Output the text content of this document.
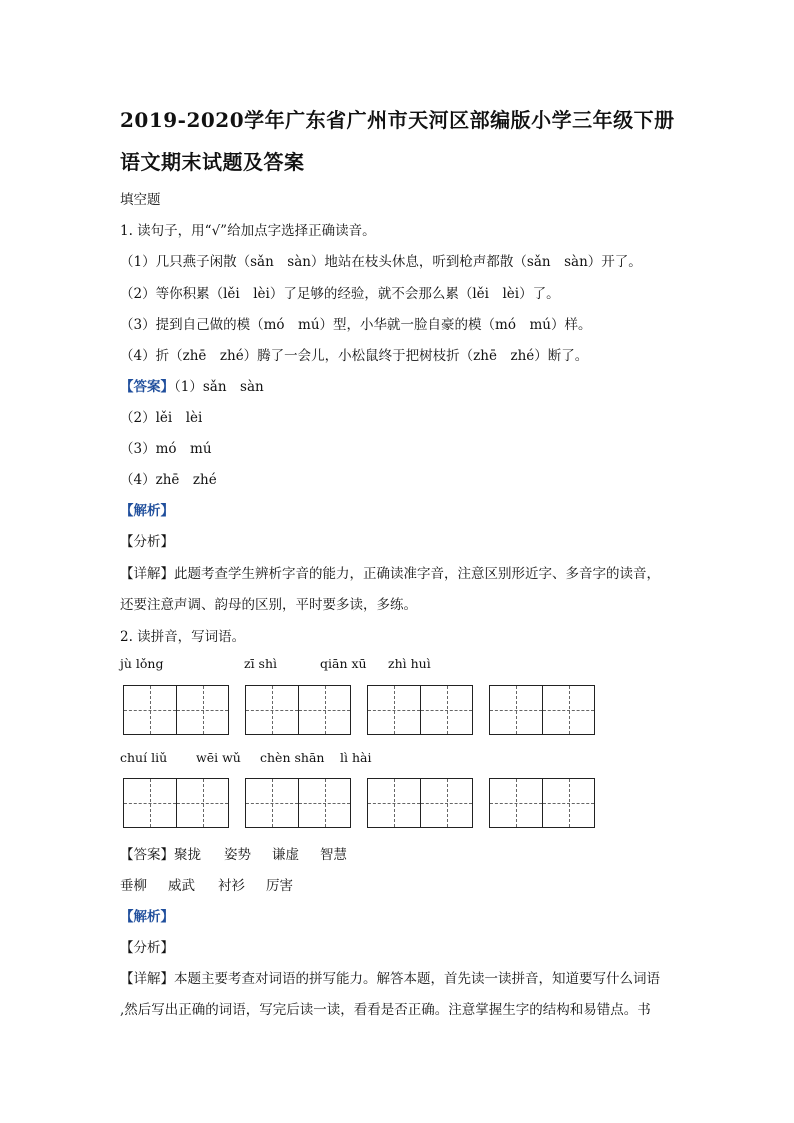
2019-2020学年广东省广州市天河区部编版小学三年级下册
语文期末试题及答案
填空题
1. 读句子，用“√”给加点字选择正确读音。
（1）几只燕子闲散（sǎn　sàn）地站在枝头休息，听到枪声都散（sǎn　sàn）开了。
（2）等你积累（lěi　lèi）了足够的经验，就不会那么累（lěi　lèi）了。
（3）提到自己做的模（mó　mú）型，小华就一脸自豪的模（mó　mú）样。
（4）折（zhē　zhé）腾了一会儿，小松鼠终于把树枝折（zhē　zhé）断了。
【答案】（1）sǎn　sàn
（2）lěi　lèi
（3）mó　mú
（4）zhē　zhé
【解析】
【分析】
【详解】此题考查学生辨析字音的能力，正确读准字音，注意区别形近字、多音字的读音，
还要注意声调、韵母的区别，平时要多读，多练。
2. 读拼音，写词语。
jù lǒng	zī shì	qiān xū zhì huì
chuí liǔ wēi wǔ chèn shān lì hài
【答案】聚拢 姿势 谦虚 智慧
垂柳 威武 衬衫 厉害
【解析】
【分析】
【详解】本题主要考查对词语的拼写能力。解答本题，首先读一读拼音，知道要写什么词语
,然后写出正确的词语，写完后读一读，看看是否正确。注意掌握生字的结构和易错点。书
